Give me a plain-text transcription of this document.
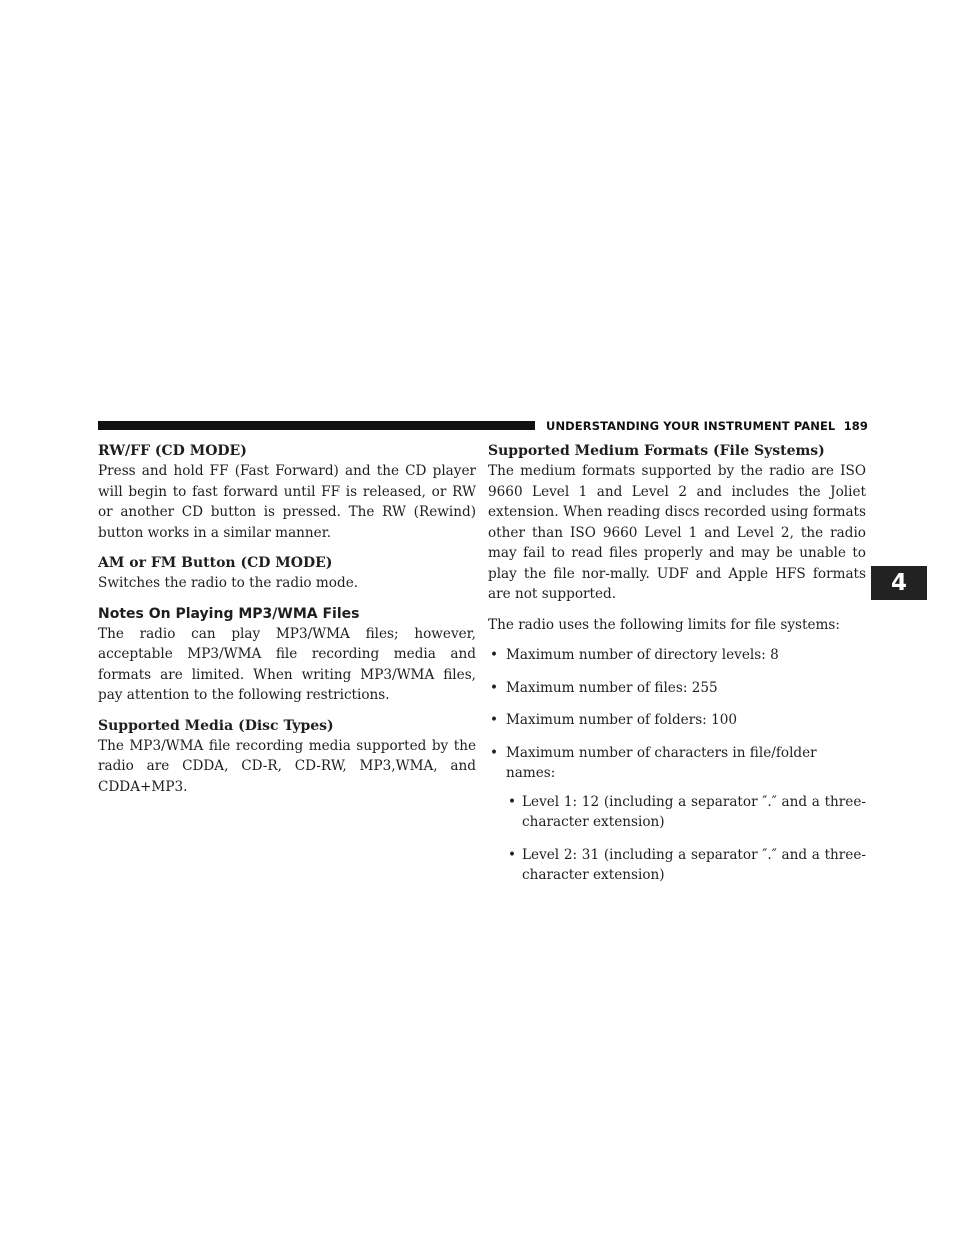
UNDERSTANDING YOUR INSTRUMENT PANEL 189
RW/FF (CD MODE)

Press and hold FF (Fast Forward) and the CD player will begin to fast forward until FF is released, or RW or another CD button is pressed. The RW (Rewind) button works in a similar manner.

AM or FM Button (CD MODE)

Switches the radio to the radio mode.

Notes On Playing MP3/WMA Files

The radio can play MP3/WMA files; however, acceptable MP3/WMA file recording media and formats are limited. When writing MP3/WMA files, pay attention to the following restrictions.

Supported Media (Disc Types)

The MP3/WMA file recording media supported by the radio are CDDA, CD-R, CD-RW, MP3,WMA, and CDDA+MP3.

Supported Medium Formats (File Systems)

The medium formats supported by the radio are ISO 9660 Level 1 and Level 2 and includes the Joliet extension. When reading discs recorded using formats other than ISO 9660 Level 1 and Level 2, the radio may fail to read files properly and may be unable to play the file nor-mally. UDF and Apple HFS formats are not supported.

The radio uses the following limits for file systems:

• Maximum number of directory levels: 8
• Maximum number of files: 255
• Maximum number of folders: 100
• Maximum number of characters in file/folder names:
• Level 1: 12 (including a separator ″.″ and a three-character extension)
• Level 2: 31 (including a separator ″.″ and a three-character extension)
4
